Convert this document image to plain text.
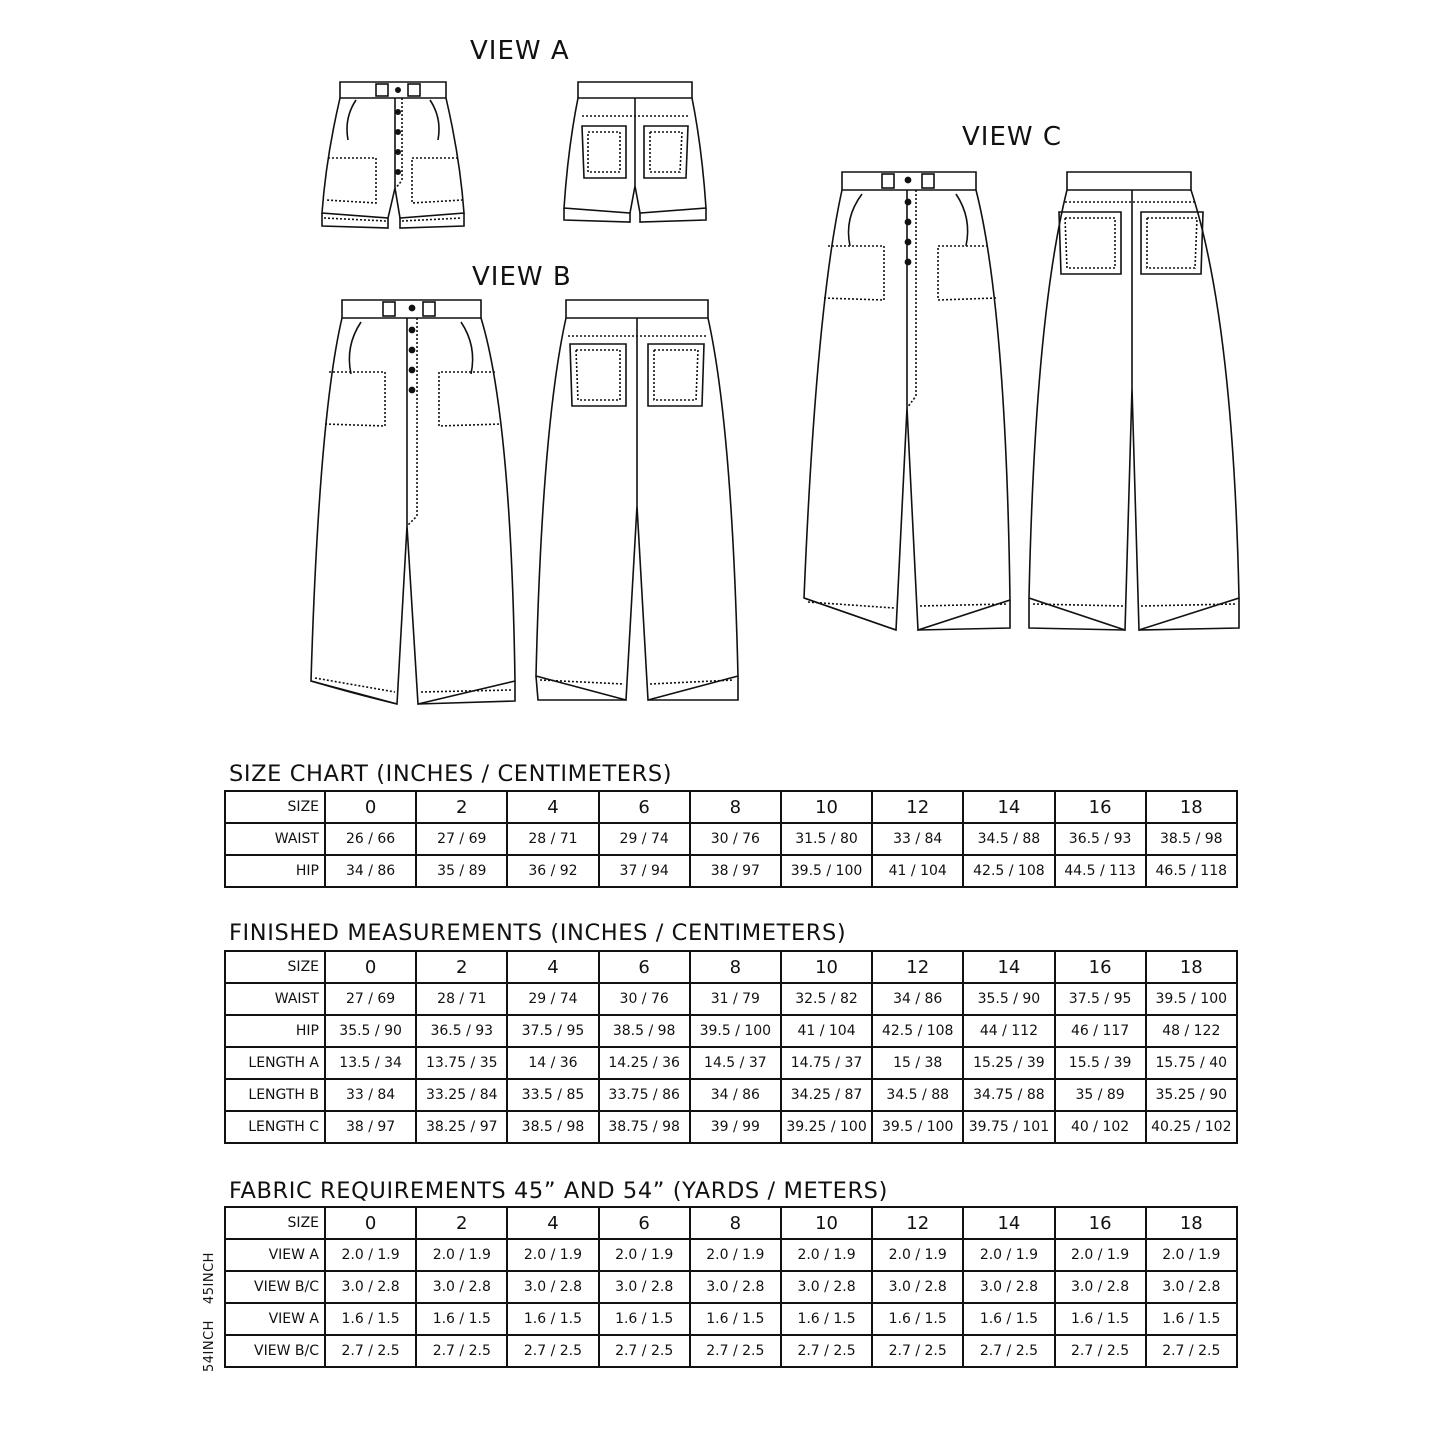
VIEW A
VIEW B
VIEW C
SIZE CHART (INCHES / CENTIMETERS)
SIZE	0	2	4	6	8	10	12	14	16	18
WAIST	26 / 66	27 / 69	28 / 71	29 / 74	30 / 76	31.5 / 80	33 / 84	34.5 / 88	36.5 / 93	38.5 / 98
HIP	34 / 86	35 / 89	36 / 92	37 / 94	38 / 97	39.5 / 100	41 / 104	42.5 / 108	44.5 / 113	46.5 / 118
FINISHED MEASUREMENTS (INCHES / CENTIMETERS)
SIZE	0	2	4	6	8	10	12	14	16	18
WAIST	27 / 69	28 / 71	29 / 74	30 / 76	31 / 79	32.5 / 82	34 / 86	35.5 / 90	37.5 / 95	39.5 / 100
HIP	35.5 / 90	36.5 / 93	37.5 / 95	38.5 / 98	39.5 / 100	41 / 104	42.5 / 108	44 / 112	46 / 117	48 / 122
LENGTH A	13.5 / 34	13.75 / 35	14 / 36	14.25 / 36	14.5 / 37	14.75 / 37	15 / 38	15.25 / 39	15.5 / 39	15.75 / 40
LENGTH B	33 / 84	33.25 / 84	33.5 / 85	33.75 / 86	34 / 86	34.25 / 87	34.5 / 88	34.75 / 88	35 / 89	35.25 / 90
LENGTH C	38 / 97	38.25 / 97	38.5 / 98	38.75 / 98	39 / 99	39.25 / 100	39.5 / 100	39.75 / 101	40 / 102	40.25 / 102
FABRIC REQUIREMENTS 45” AND 54” (YARDS / METERS)
SIZE	0	2	4	6	8	10	12	14	16	18
VIEW A	2.0 / 1.9	2.0 / 1.9	2.0 / 1.9	2.0 / 1.9	2.0 / 1.9	2.0 / 1.9	2.0 / 1.9	2.0 / 1.9	2.0 / 1.9	2.0 / 1.9
VIEW B/C	3.0 / 2.8	3.0 / 2.8	3.0 / 2.8	3.0 / 2.8	3.0 / 2.8	3.0 / 2.8	3.0 / 2.8	3.0 / 2.8	3.0 / 2.8	3.0 / 2.8
VIEW A	1.6 / 1.5	1.6 / 1.5	1.6 / 1.5	1.6 / 1.5	1.6 / 1.5	1.6 / 1.5	1.6 / 1.5	1.6 / 1.5	1.6 / 1.5	1.6 / 1.5
VIEW B/C	2.7 / 2.5	2.7 / 2.5	2.7 / 2.5	2.7 / 2.5	2.7 / 2.5	2.7 / 2.5	2.7 / 2.5	2.7 / 2.5	2.7 / 2.5	2.7 / 2.5
45INCH
54INCH
